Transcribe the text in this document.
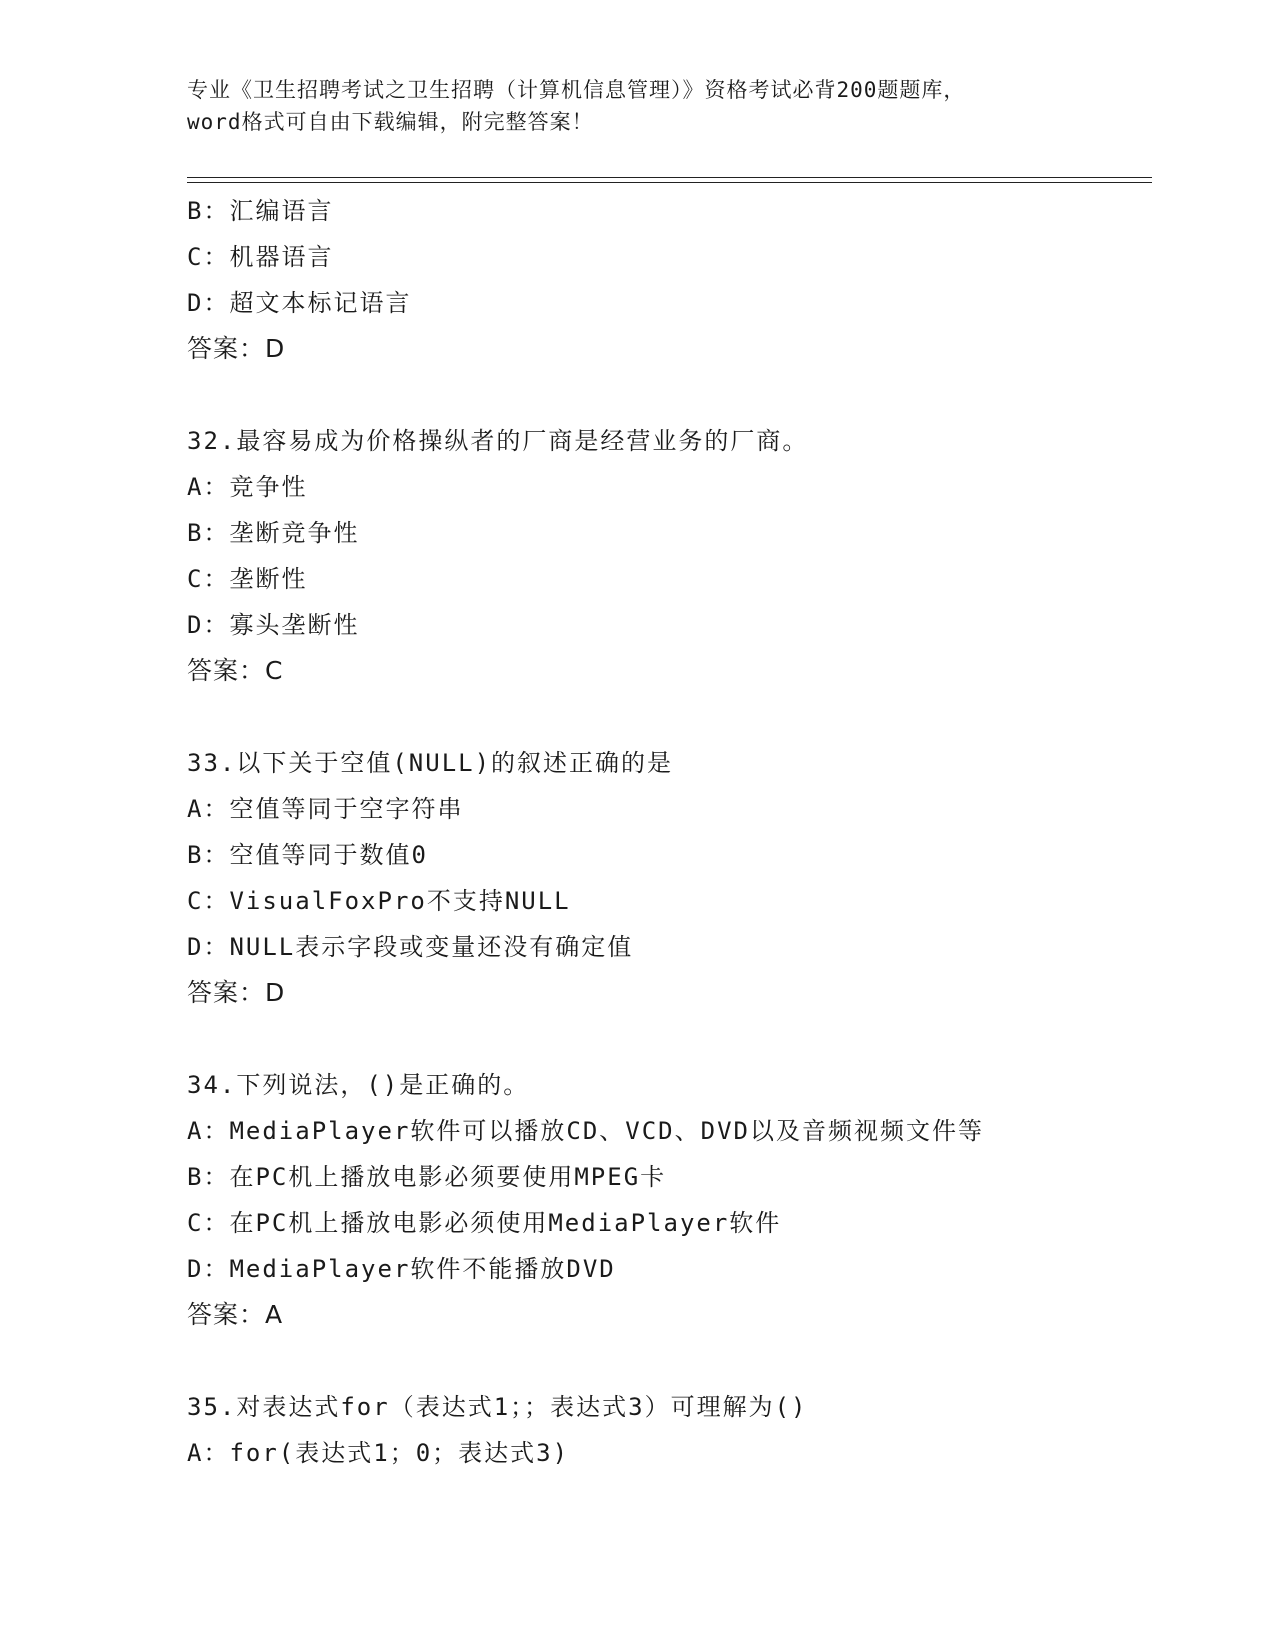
专业《卫生招聘考试之卫生招聘（计算机信息管理）》资格考试必背200题题库，
word格式可自由下载编辑，附完整答案！
B：汇编语言
C：机器语言
D：超文本标记语言
答案：D
32.最容易成为价格操纵者的厂商是经营业务的厂商。
A：竞争性
B：垄断竞争性
C：垄断性
D：寡头垄断性
答案：C
33.以下关于空值(NULL)的叙述正确的是
A：空值等同于空字符串
B：空值等同于数值0
C：VisualFoxPro不支持NULL
D：NULL表示字段或变量还没有确定值
答案：D
34.下列说法，()是正确的。
A：MediaPlayer软件可以播放CD、VCD、DVD以及音频视频文件等
B：在PC机上播放电影必须要使用MPEG卡
C：在PC机上播放电影必须使用MediaPlayer软件
D：MediaPlayer软件不能播放DVD
答案：A
35.对表达式for（表达式1；；表达式3）可理解为()
A：for(表达式1；0；表达式3)
